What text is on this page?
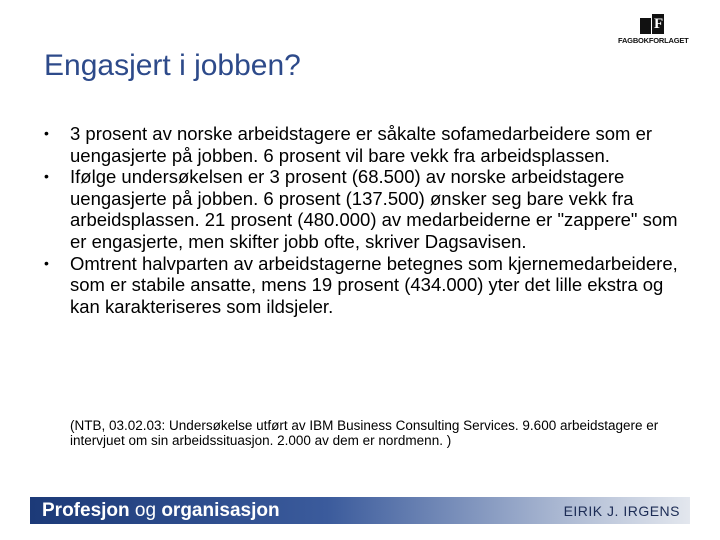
F
FAGBOKFORLAGET
Engasjert i jobben?
• 3 prosent av norske arbeidstagere er såkalte sofamedarbeidere som er uengasjerte på jobben. 6 prosent vil bare vekk fra arbeidsplassen.
• Ifølge undersøkelsen er 3 prosent (68.500) av norske arbeidstagere uengasjerte på jobben. 6 prosent (137.500) ønsker seg bare vekk fra arbeidsplassen. 21 prosent (480.000) av medarbeiderne er "zappere" som er engasjerte, men skifter jobb ofte, skriver Dagsavisen.
• Omtrent halvparten av arbeidstagerne betegnes som kjernemedarbeidere, som er stabile ansatte, mens 19 prosent (434.000) yter det lille ekstra og kan karakteriseres som ildsjeler.

(NTB, 03.02.03: Undersøkelse utført av IBM Business Consulting Services. 9.600 arbeidstagere er intervjuet om sin arbeidssituasjon. 2.000 av dem er nordmenn. )

Profesjon og organisasjon	EIRIK J. IRGENS
